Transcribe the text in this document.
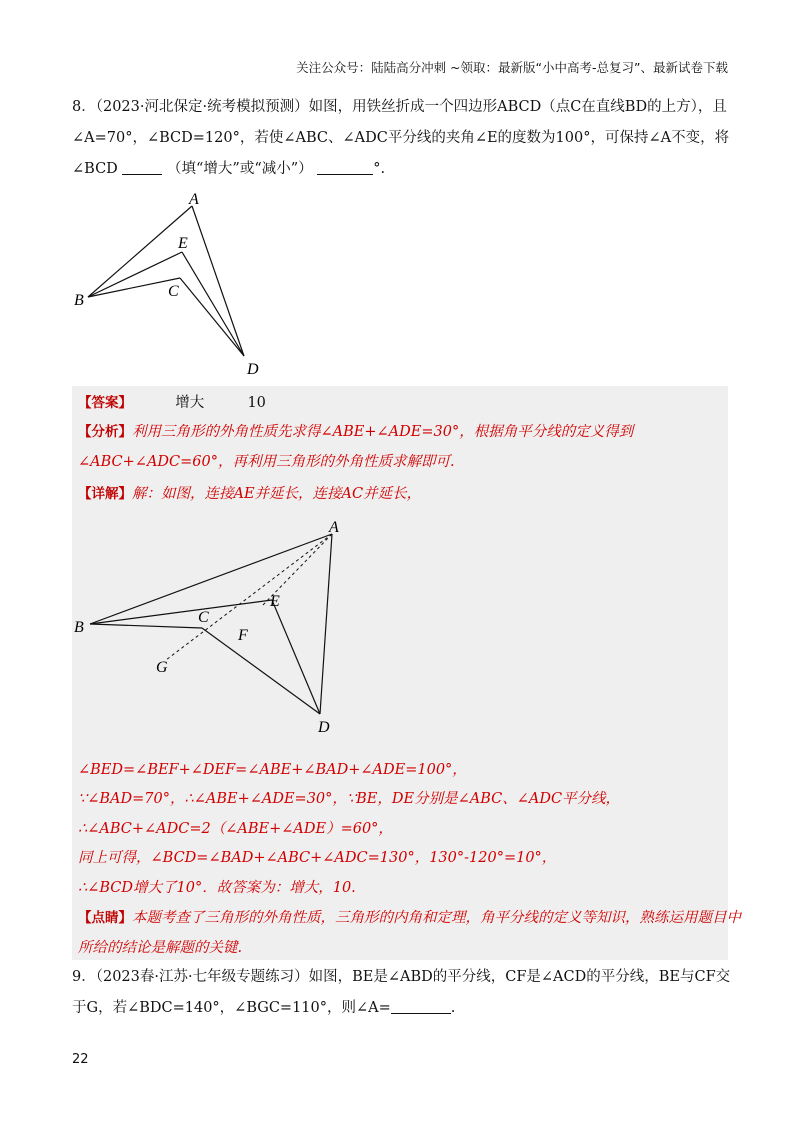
关注公众号：陆陆高分冲刺 ~领取：最新版“小中高考-总复习”、最新试卷下载
8．（2023·河北保定·统考模拟预测）如图，用铁丝折成一个四边形ABCD（点C在直线BD的上方），且
∠A=70°，∠BCD=120°，若使∠ABC、∠ADC平分线的夹角∠E的度数为100°，可保持∠A不变，将
∠BCD	（填“增大”或“减小”）	°.
A
E
C
B
D
【答案】	增大	10
【分析】利用三角形的外角性质先求得∠ABE+∠ADE=30°，根据角平分线的定义得到
∠ABC+∠ADC=60°，再利用三角形的外角性质求解即可.
【详解】解：如图，连接AE并延长，连接AC并延长，
A
B
C
E
F
G
D
∠BED=∠BEF+∠DEF=∠ABE+∠BAD+∠ADE=100°，
∵∠BAD=70°，∴∠ABE+∠ADE=30°，∵BE，DE分别是∠ABC、∠ADC平分线，
∴∠ABC+∠ADC=2（∠ABE+∠ADE）=60°，
同上可得，∠BCD=∠BAD+∠ABC+∠ADC=130°，130°-120°=10°，
∴∠BCD增大了10°．故答案为：增大，10.
【点睛】本题考查了三角形的外角性质，三角形的内角和定理，角平分线的定义等知识，熟练运用题目中
所给的结论是解题的关键.
9．（2023春·江苏·七年级专题练习）如图，BE是∠ABD的平分线，CF是∠ACD的平分线，BE与CF交
于G，若∠BDC=140°，∠BGC=110°，则∠A=	.
22
